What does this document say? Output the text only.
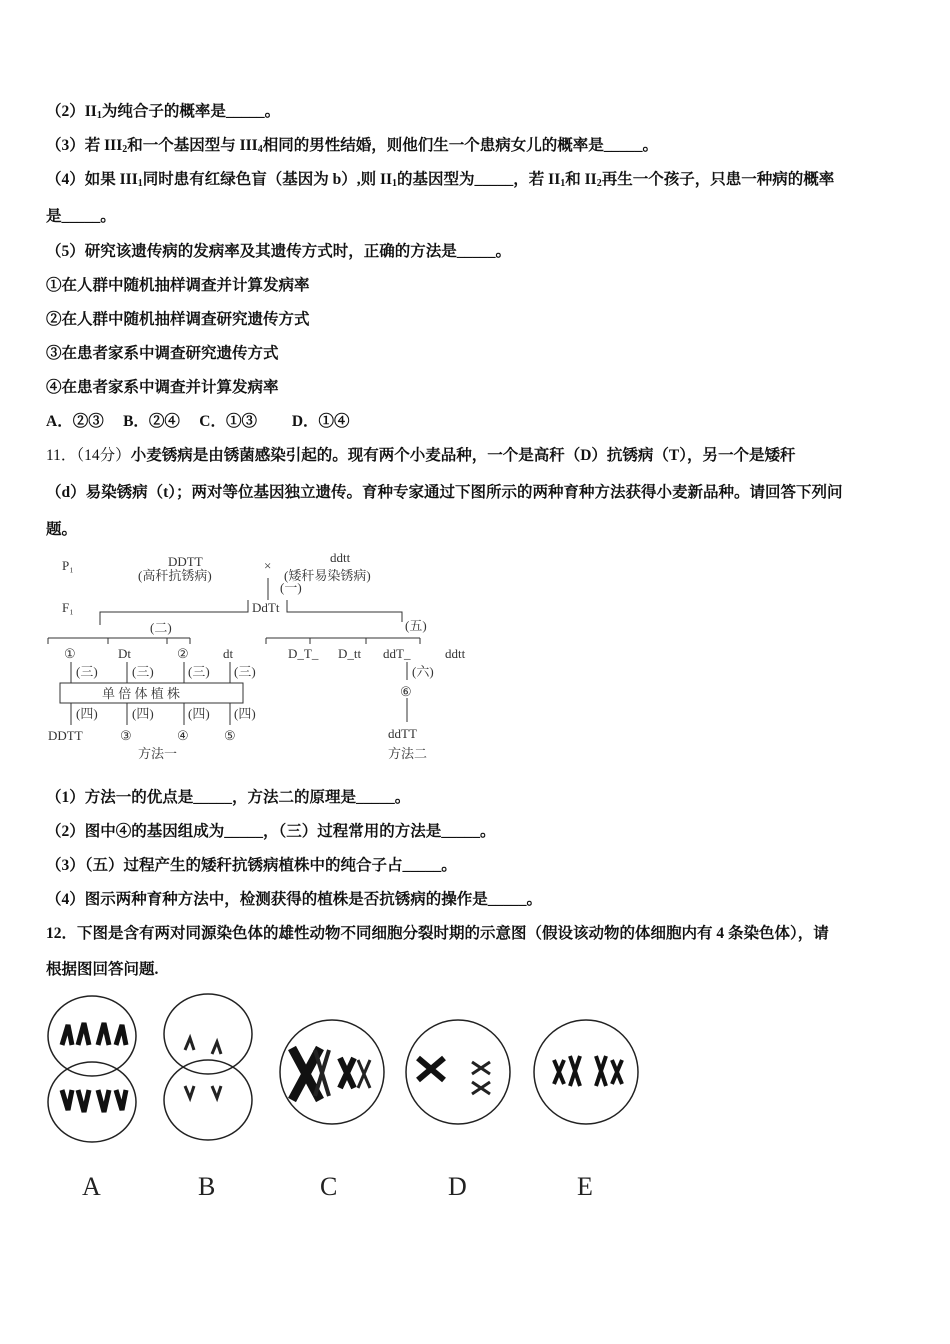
$(2)II_1$为纯合子的概率是_____。
（3）若 $III_2$和一个基因型与 $III_4$相同的男性结婚，则他们生一个患病女儿的概率是_____。
（4）如果 $III_1$同时患有红绿色盲（基因为 b）,则 $II_1$的基因型为_____，若 $II_1$和 $II_2$再生一个孩子，只患一种病的概率
是_____。
（5）研究该遗传病的发病率及其遗传方式时，正确的方法是_____。
①在人群中随机抽样调查并计算发病率
②在人群中随机抽样调查研究遗传方式
③在患者家系中调查研究遗传方式
④在患者家系中调查并计算发病率
A．②③　 B．②④　 C．①③　　 D．①④
11．（14分）小麦锈病是由锈菌感染引起的。现有两个小麦品种，一个是高秆（D）抗锈病（T），另一个是矮秆
（d）易染锈病（t）；两对等位基因独立遗传。育种专家通过下图所示的两种育种方法获得小麦新品种。请回答下列问
题。
（1）方法一的优点是_____，方法二的原理是_____。
（2）图中④的基因组成为_____，（三）过程常用的方法是_____。
（3）（五）过程产生的矮秆抗锈病植株中的纯合子占_____。
（4）图示两种育种方法中，检测获得的植株是否抗锈病的操作是_____。
12．下图是含有两对同源染色体的雄性动物不同细胞分裂时期的示意图（假设该动物的体细胞内有 4 条染色体），请
根据图回答问题.
P₁	DDTT
(高秆抗锈病)
×
ddtt
(矮秆易染锈病)
(一)
F₁	DdTt
(二)	(五)
①	Dt	②	dt
(三)	(三)	(三) (三)
单 倍 体 植 株
(四)	(四)	(四) (四)
DDTT	③	④	⑤
方法一
D_T_ D_tt ddT_	ddtt
(六)
⑥
ddTT
方法二
A	B	C	D	E
